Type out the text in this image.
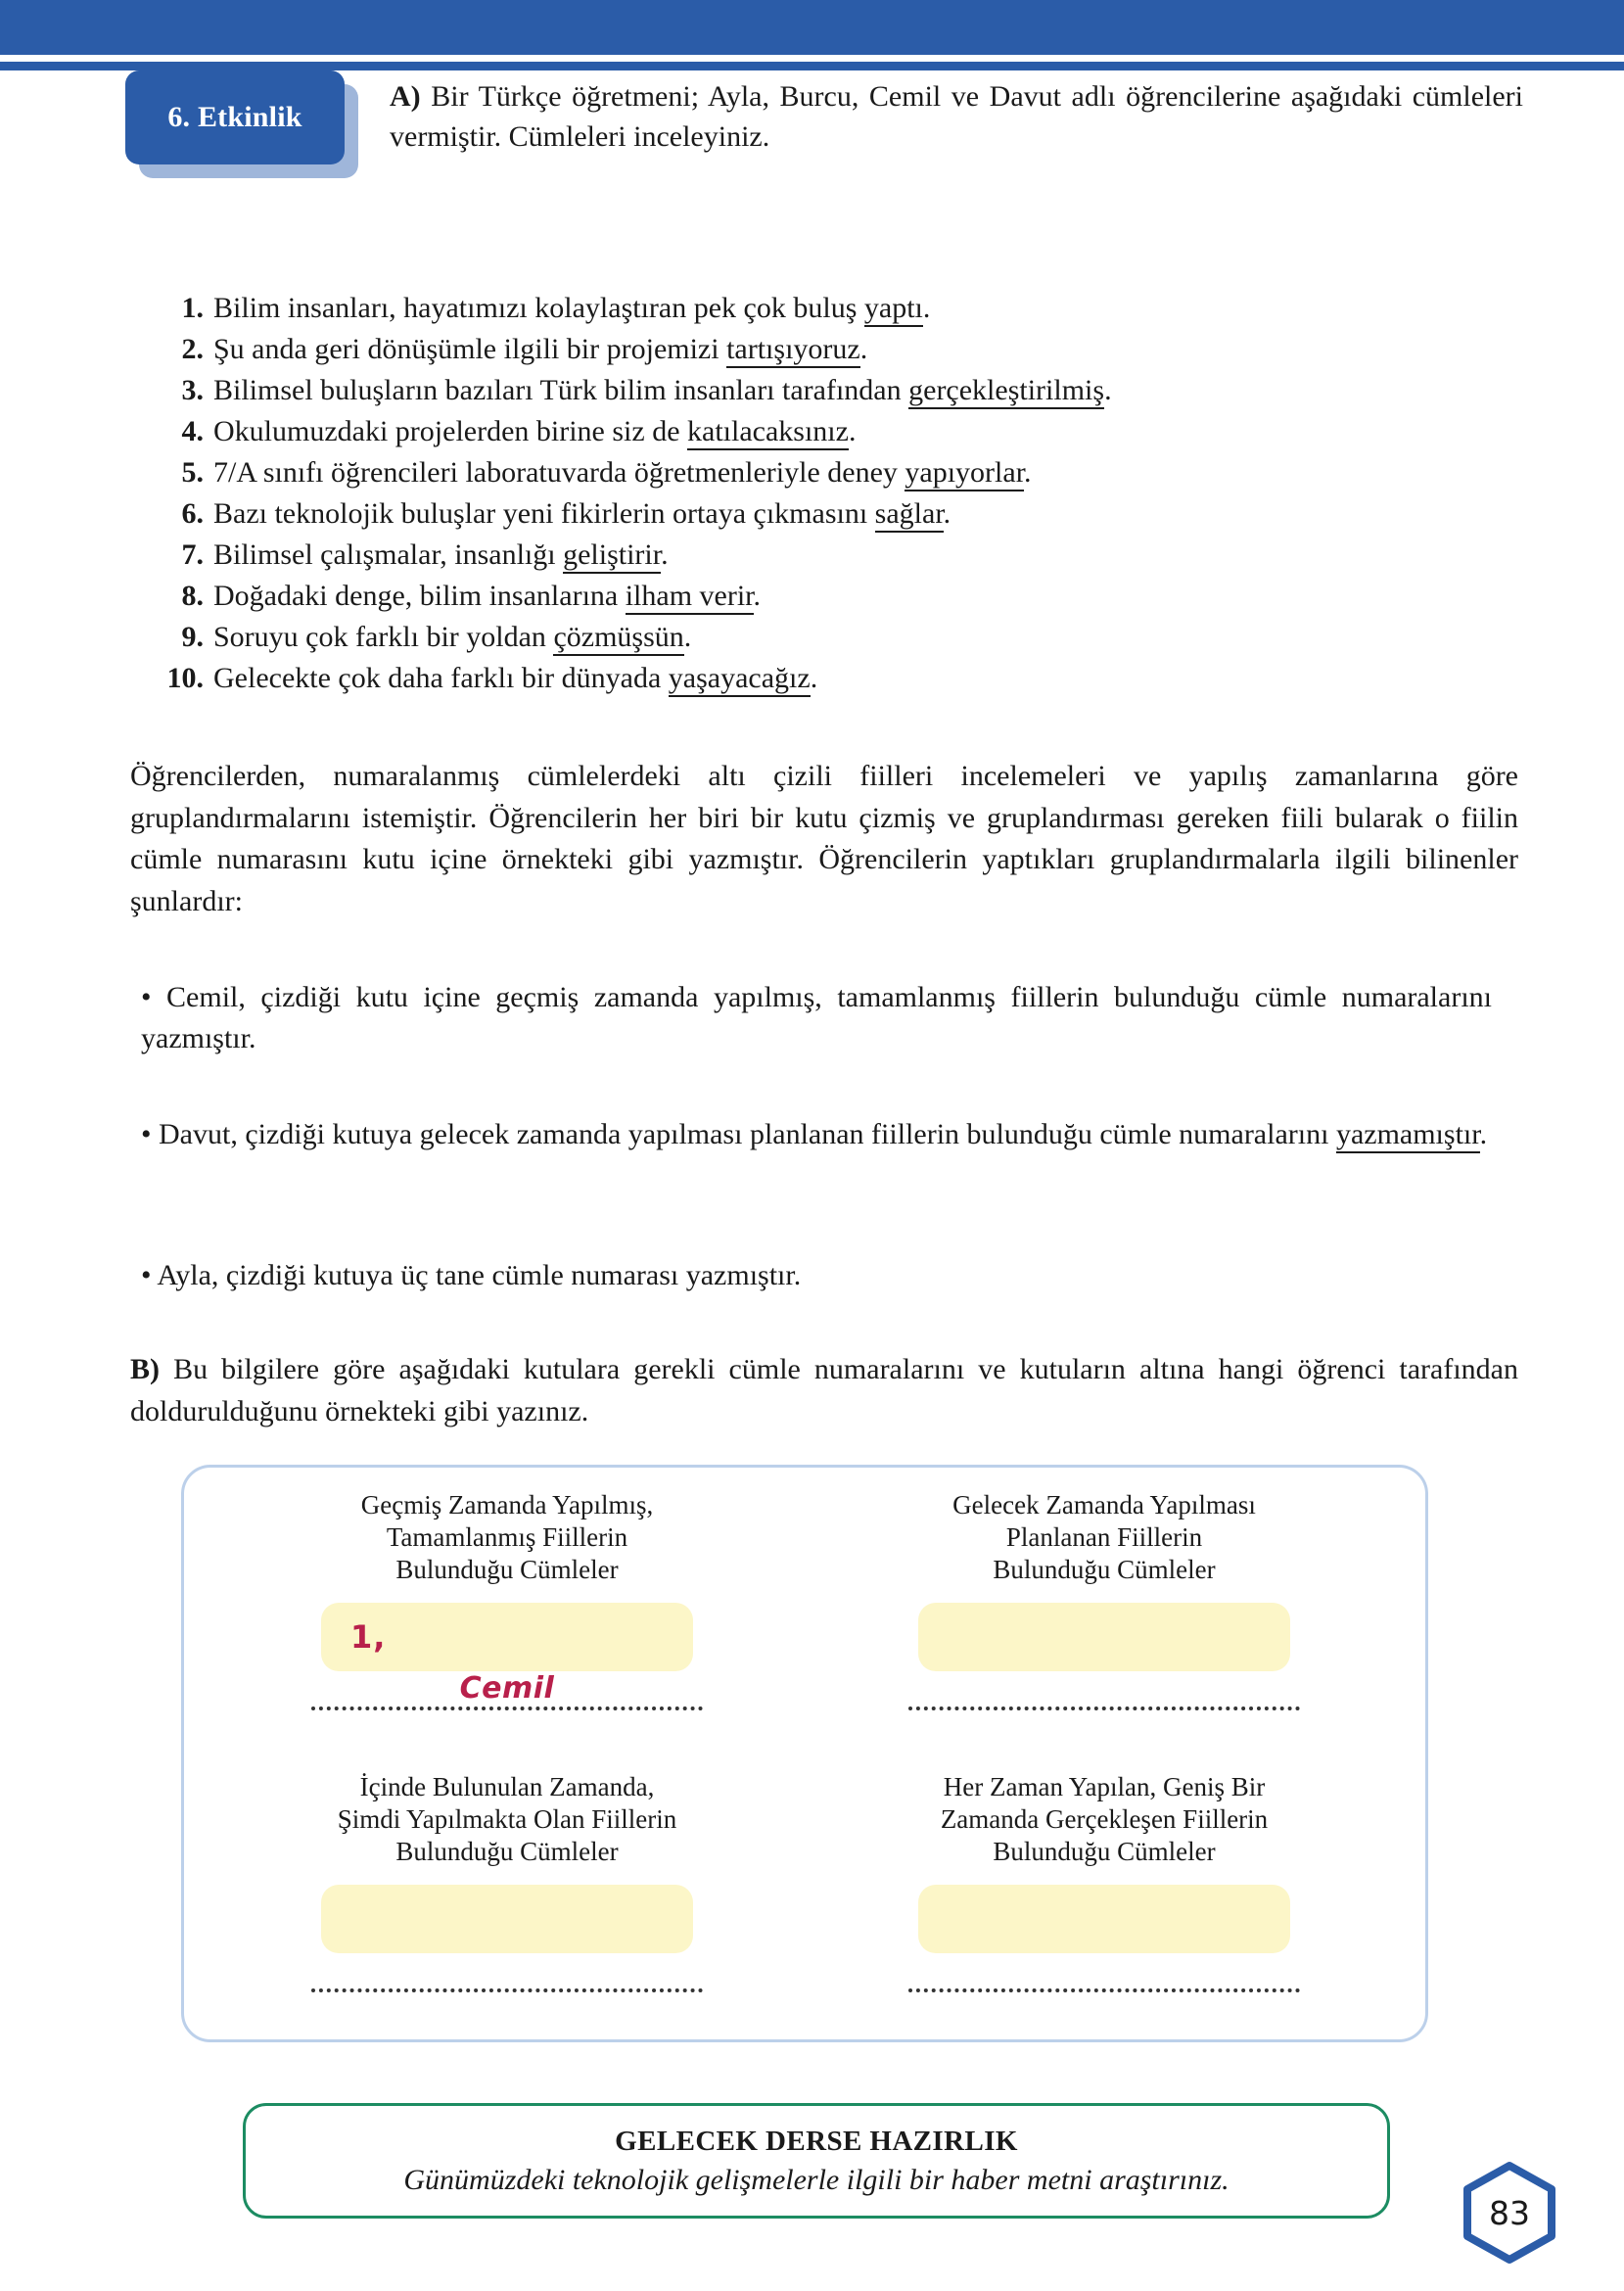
6. Etkinlik
A) Bir Türkçe öğretmeni; Ayla, Burcu, Cemil ve Davut adlı öğrencilerine aşağıdaki cümleleri vermiştir. Cümleleri inceleyiniz.
1. Bilim insanları, hayatımızı kolaylaştıran pek çok buluş yaptı.
2. Şu anda geri dönüşümle ilgili bir projemizi tartışıyoruz.
3. Bilimsel buluşların bazıları Türk bilim insanları tarafından gerçekleştirilmiş.
4. Okulumuzdaki projelerden birine siz de katılacaksınız.
5. 7/A sınıfı öğrencileri laboratuvarda öğretmenleriyle deney yapıyorlar.
6. Bazı teknolojik buluşlar yeni fikirlerin ortaya çıkmasını sağlar.
7. Bilimsel çalışmalar, insanlığı geliştirir.
8. Doğadaki denge, bilim insanlarına ilham verir.
9. Soruyu çok farklı bir yoldan çözmüşsün.
10. Gelecekte çok daha farklı bir dünyada yaşayacağız.
Öğrencilerden, numaralanmış cümlelerdeki altı çizili fiilleri incelemeleri ve yapılış zamanlarına göre gruplandırmalarını istemiştir. Öğrencilerin her biri bir kutu çizmiş ve gruplandırması gereken fiili bularak o fiilin cümle numarasını kutu içine örnekteki gibi yazmıştır. Öğrencilerin yaptıkları gruplandırmalarla ilgili bilinenler şunlardır:
• Cemil, çizdiği kutu içine geçmiş zamanda yapılmış, tamamlanmış fiillerin bulunduğu cümle numaralarını yazmıştır.
• Davut, çizdiği kutuya gelecek zamanda yapılması planlanan fiillerin bulunduğu cümle numaralarını yazmamıştır.
• Ayla, çizdiği kutuya üç tane cümle numarası yazmıştır.
B) Bu bilgilere göre aşağıdaki kutulara gerekli cümle numaralarını ve kutuların altına hangi öğrenci tarafından doldurulduğunu örnekteki gibi yazınız.
Geçmiş Zamanda Yapılmış,
Tamamlanmış Fiillerin
Bulunduğu Cümleler
1,
Cemil
Gelecek Zamanda Yapılması
Planlanan Fiillerin
Bulunduğu Cümleler
İçinde Bulunulan Zamanda,
Şimdi Yapılmakta Olan Fiillerin
Bulunduğu Cümleler
Her Zaman Yapılan, Geniş Bir
Zamanda Gerçekleşen Fiillerin
Bulunduğu Cümleler
GELECEK DERSE HAZIRLIK
Günümüzdeki teknolojik gelişmelerle ilgili bir haber metni araştırınız.
83
